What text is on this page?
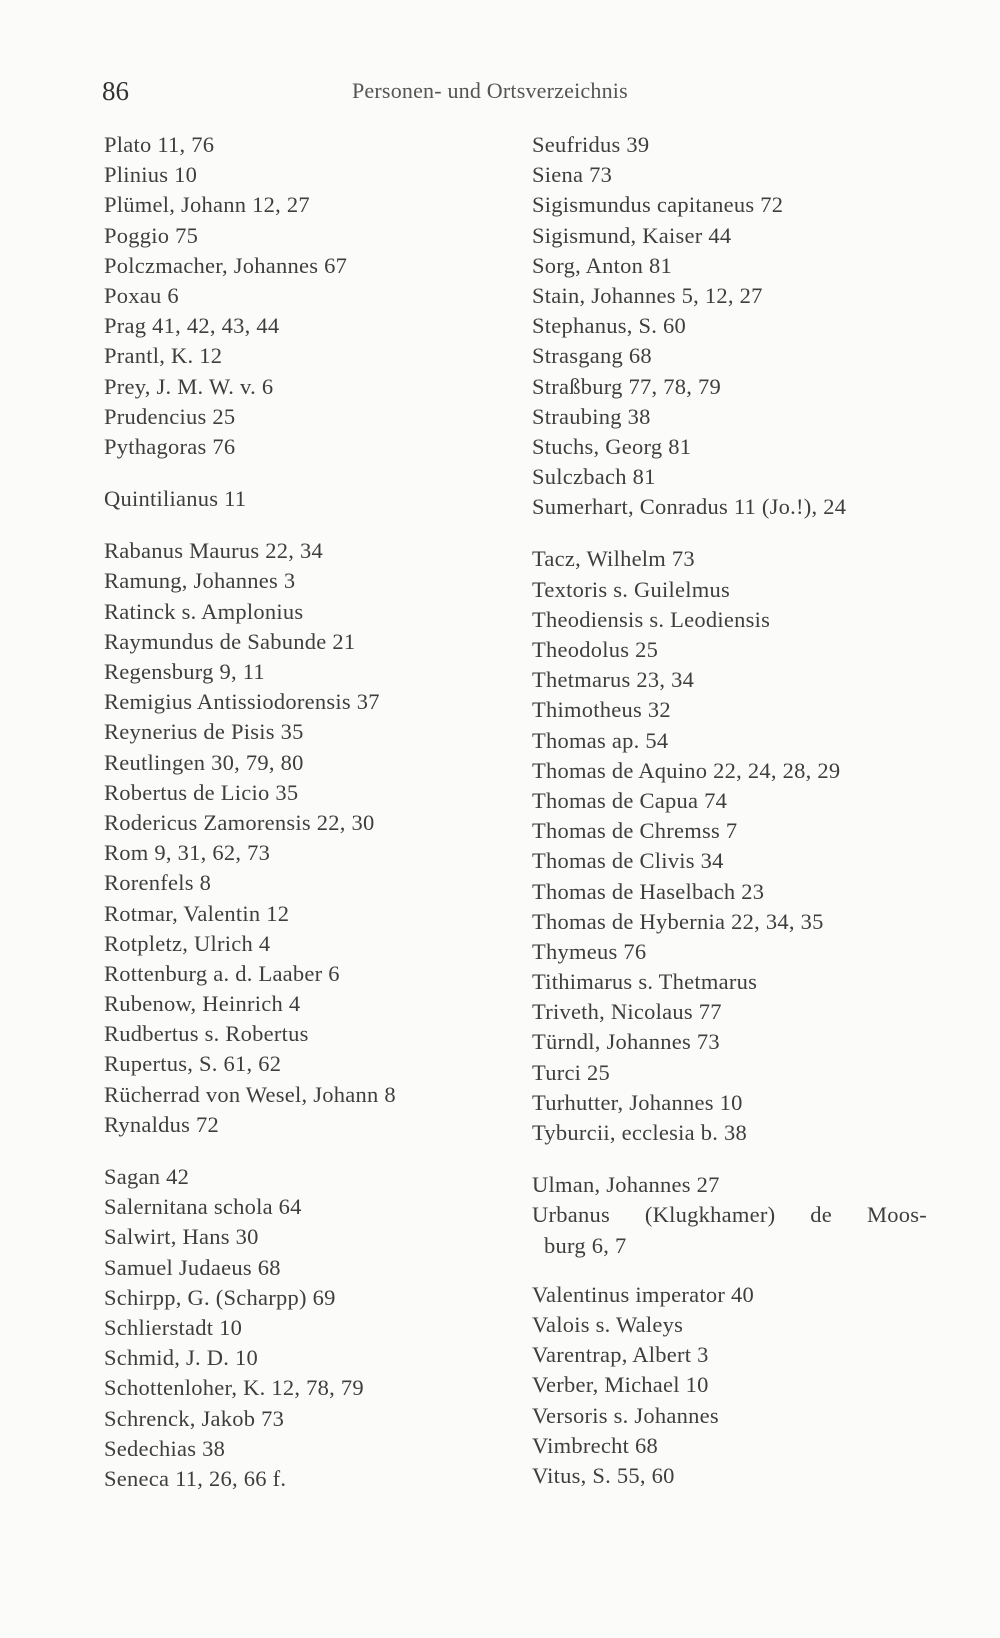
86	Personen- und Ortsverzeichnis
Plato 11, 76
Plinius 10
Plümel, Johann 12, 27
Poggio 75
Polczmacher, Johannes 67
Poxau 6
Prag 41, 42, 43, 44
Prantl, K. 12
Prey, J. M. W. v. 6
Prudencius 25
Pythagoras 76
Quintilianus 11
Rabanus Maurus 22, 34
Ramung, Johannes 3
Ratinck s. Amplonius
Raymundus de Sabunde 21
Regensburg 9, 11
Remigius Antissiodorensis 37
Reynerius de Pisis 35
Reutlingen 30, 79, 80
Robertus de Licio 35
Rodericus Zamorensis 22, 30
Rom 9, 31, 62, 73
Rorenfels 8
Rotmar, Valentin 12
Rotpletz, Ulrich 4
Rottenburg a. d. Laaber 6
Rubenow, Heinrich 4
Rudbertus s. Robertus
Rupertus, S. 61, 62
Rücherrad von Wesel, Johann 8
Rynaldus 72
Sagan 42
Salernitana schola 64
Salwirt, Hans 30
Samuel Judaeus 68
Schirpp, G. (Scharpp) 69
Schlierstadt 10
Schmid, J. D. 10
Schottenloher, K. 12, 78, 79
Schrenck, Jakob 73
Sedechias 38
Seneca 11, 26, 66 f.
Seufridus 39
Siena 73
Sigismundus capitaneus 72
Sigismund, Kaiser 44
Sorg, Anton 81
Stain, Johannes 5, 12, 27
Stephanus, S. 60
Strasgang 68
Straßburg 77, 78, 79
Straubing 38
Stuchs, Georg 81
Sulczbach 81
Sumerhart, Conradus 11 (Jo.!), 24
Tacz, Wilhelm 73
Textoris s. Guilelmus
Theodiensis s. Leodiensis
Theodolus 25
Thetmarus 23, 34
Thimotheus 32
Thomas ap. 54
Thomas de Aquino 22, 24, 28, 29
Thomas de Capua 74
Thomas de Chremss 7
Thomas de Clivis 34
Thomas de Haselbach 23
Thomas de Hybernia 22, 34, 35
Thymeus 76
Tithimarus s. Thetmarus
Triveth, Nicolaus 77
Türndl, Johannes 73
Turci 25
Turhutter, Johannes 10
Tyburcii, ecclesia b. 38
Ulman, Johannes 27
Urbanus (Klugkhamer) de Moos-
burg 6, 7
Valentinus imperator 40
Valois s. Waleys
Varentrap, Albert 3
Verber, Michael 10
Versoris s. Johannes
Vimbrecht 68
Vitus, S. 55, 60
